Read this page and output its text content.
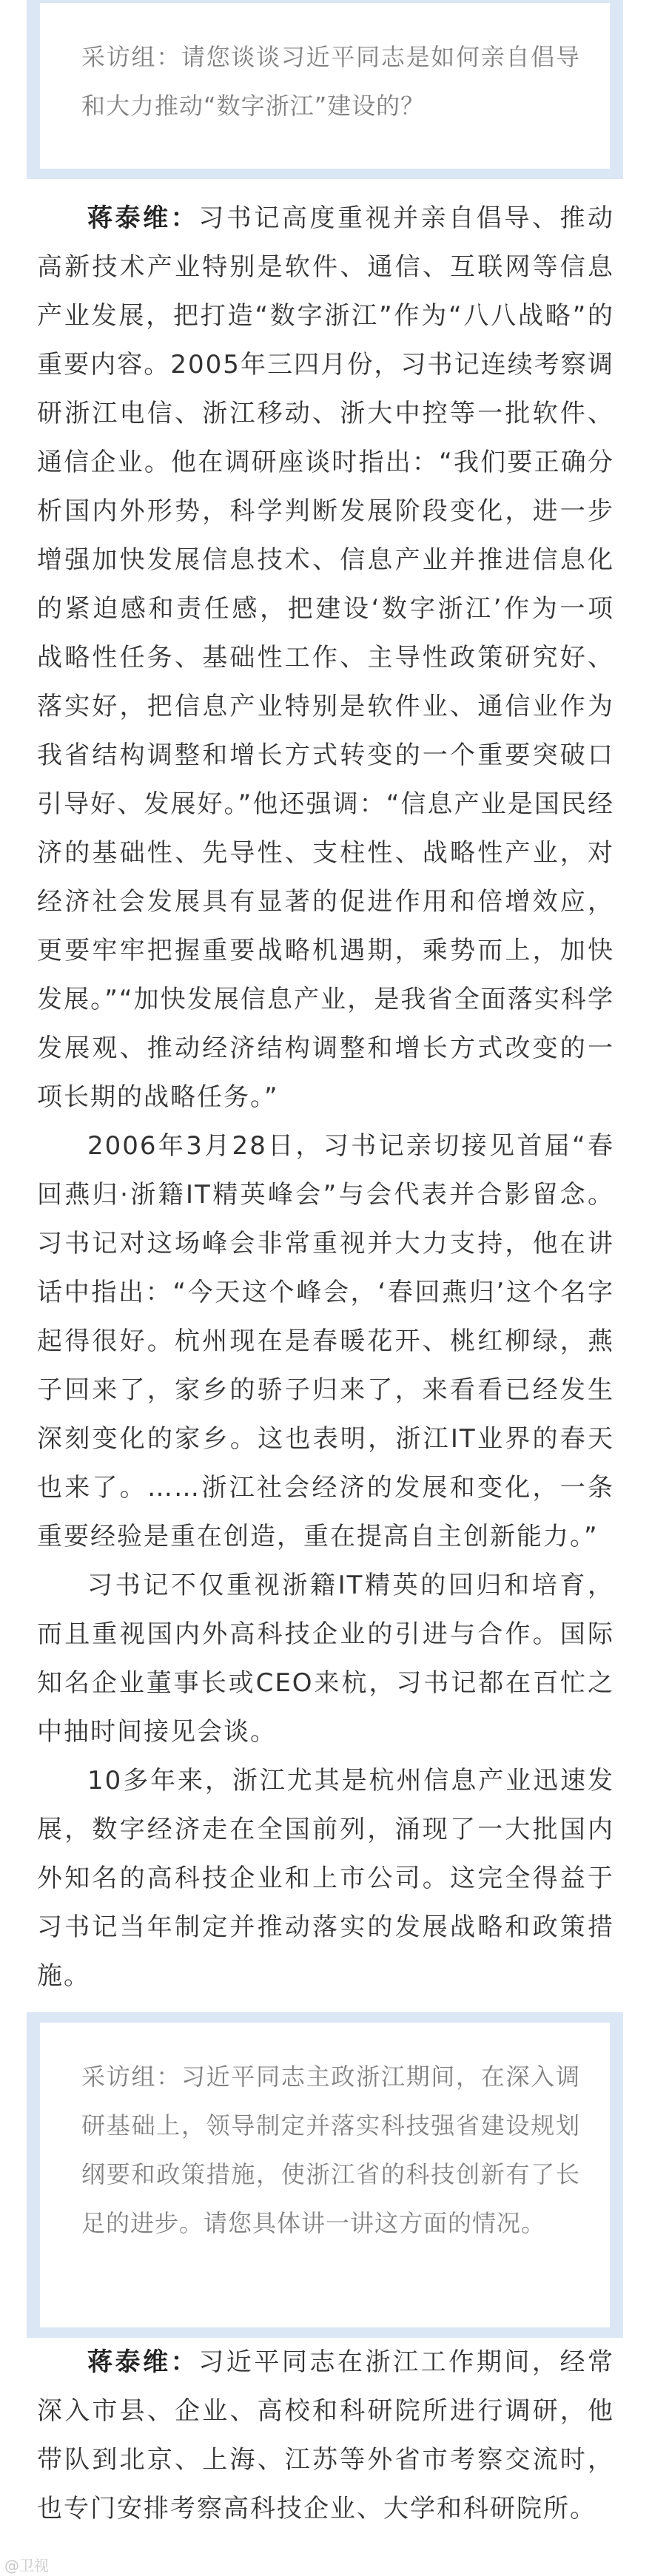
采访组：请您谈谈习近平同志是如何亲自倡导和大力推动“数字浙江”建设的？

蒋泰维：习书记高度重视并亲自倡导、推动高新技术产业特别是软件、通信、互联网等信息产业发展，把打造“数字浙江”作为“八八战略”的重要内容。2005年三四月份，习书记连续考察调研浙江电信、浙江移动、浙大中控等一批软件、通信企业。他在调研座谈时指出：“我们要正确分析国内外形势，科学判断发展阶段变化，进一步增强加快发展信息技术、信息产业并推进信息化的紧迫感和责任感，把建设‘数字浙江’作为一项战略性任务、基础性工作、主导性政策研究好、落实好，把信息产业特别是软件业、通信业作为我省结构调整和增长方式转变的一个重要突破口引导好、发展好。”他还强调：“信息产业是国民经济的基础性、先导性、支柱性、战略性产业，对经济社会发展具有显著的促进作用和倍增效应，更要牢牢把握重要战略机遇期，乘势而上，加快发展。”“加快发展信息产业，是我省全面落实科学发展观、推动经济结构调整和增长方式改变的一项长期的战略任务。”

2006年3月28日，习书记亲切接见首届“春回燕归·浙籍IT精英峰会”与会代表并合影留念。习书记对这场峰会非常重视并大力支持，他在讲话中指出：“今天这个峰会，‘春回燕归’这个名字起得很好。杭州现在是春暖花开、桃红柳绿，燕子回来了，家乡的骄子归来了，来看看已经发生深刻变化的家乡。这也表明，浙江IT业界的春天也来了。……浙江社会经济的发展和变化，一条重要经验是重在创造，重在提高自主创新能力。”

习书记不仅重视浙籍IT精英的回归和培育，而且重视国内外高科技企业的引进与合作。国际知名企业董事长或CEO来杭，习书记都在百忙之中抽时间接见会谈。

10多年来，浙江尤其是杭州信息产业迅速发展，数字经济走在全国前列，涌现了一大批国内外知名的高科技企业和上市公司。这完全得益于习书记当年制定并推动落实的发展战略和政策措施。

采访组：习近平同志主政浙江期间，在深入调研基础上，领导制定并落实科技强省建设规划纲要和政策措施，使浙江省的科技创新有了长足的进步。请您具体讲一讲这方面的情况。

蒋泰维：习近平同志在浙江工作期间，经常深入市县、企业、高校和科研院所进行调研，他带队到北京、上海、江苏等外省市考察交流时，也专门安排考察高科技企业、大学和科研院所。

@卫视
